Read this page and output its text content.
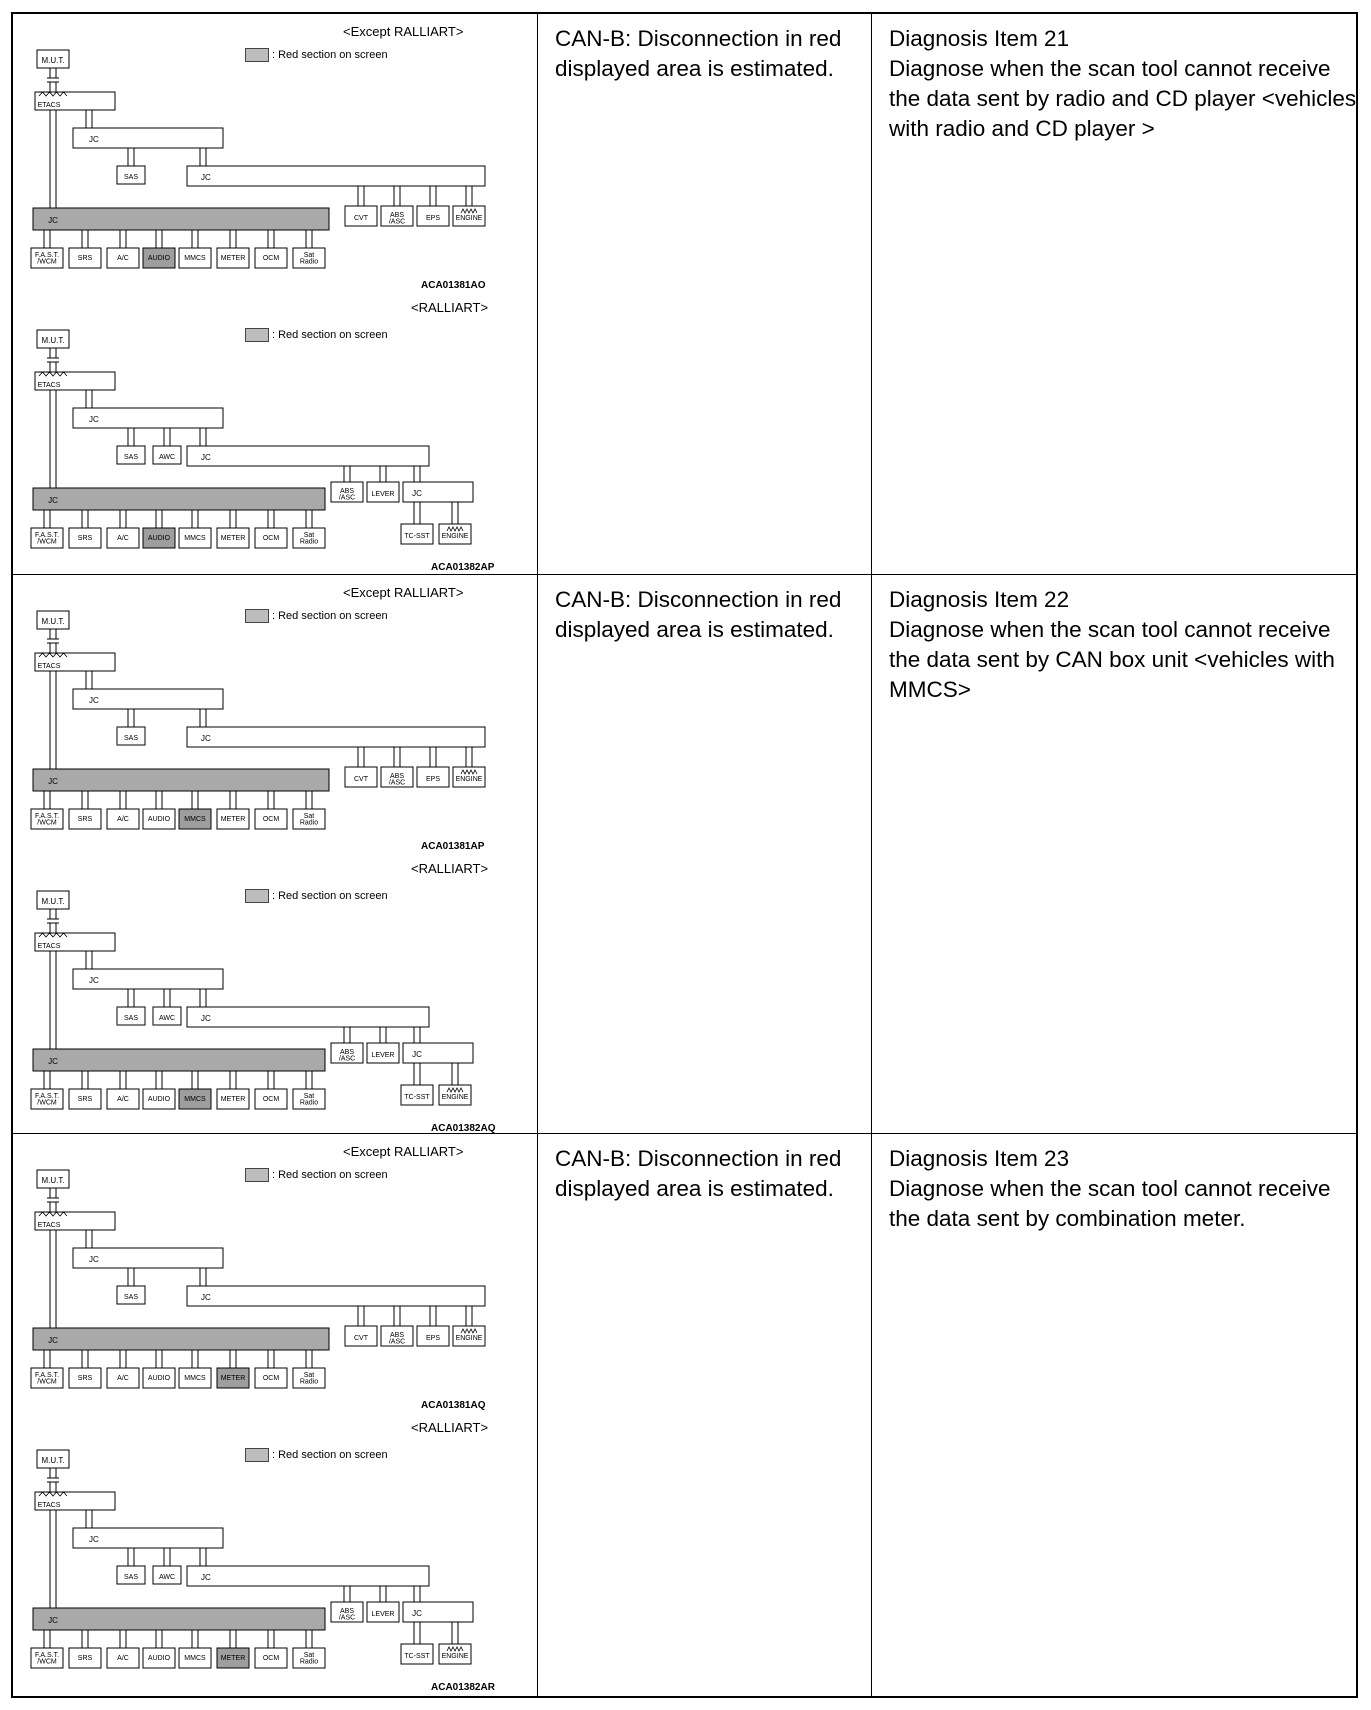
<Except RALLIART>
: Red section on screen
M.U.T.
ETACS
JC
SAS	JC
JC
F.A.S.T. /WCM	SRS	A/C	AUDIO MMCS METER	OCM	Sat Radio
CVT	ABS /ASC	EPS ENGINE
ACA01381AO
<RALLIART>
: Red section on screen
M.U.T.
ETACS
JC
SAS	AWC	JC
JC
F.A.S.T. /WCM	SRS	A/C	AUDIO MMCS METER	OCM	Sat Radio
ABS /ASC LEVER JC
TC-SST ENGINE
ACA01382AP

CAN-B: Disconnection in red displayed area is estimated.

Diagnosis Item 21

Diagnose when the scan tool cannot receive the data sent by radio and CD player <vehicles with radio and CD player >

<Except RALLIART>
: Red section on screen
M.U.T.
ETACS
JC
SAS	JC
JC
F.A.S.T. /WCM	SRS	A/C	AUDIO MMCS METER	OCM	Sat Radio
CVT	ABS /ASC	EPS ENGINE
ACA01381AP
<RALLIART>
: Red section on screen
M.U.T.
ETACS
JC
SAS	AWC	JC
JC
F.A.S.T. /WCM	SRS	A/C	AUDIO MMCS METER	OCM	Sat Radio
ABS /ASC LEVER JC
TC-SST ENGINE
ACA01382AQ

CAN-B: Disconnection in red displayed area is estimated.

Diagnosis Item 22

Diagnose when the scan tool cannot receive the data sent by CAN box unit <vehicles with MMCS>

<Except RALLIART>
: Red section on screen
M.U.T.
ETACS
JC
SAS	JC
JC
F.A.S.T. /WCM	SRS	A/C	AUDIO MMCS METER	OCM	Sat Radio
CVT	ABS /ASC	EPS ENGINE
ACA01381AQ
<RALLIART>
: Red section on screen
M.U.T.
ETACS
JC
SAS	AWC	JC
JC
F.A.S.T. /WCM	SRS	A/C	AUDIO MMCS METER	OCM	Sat Radio
ABS /ASC LEVER JC
TC-SST ENGINE
ACA01382AR

CAN-B: Disconnection in red displayed area is estimated.

Diagnosis Item 23

Diagnose when the scan tool cannot receive the data sent by combination meter.
